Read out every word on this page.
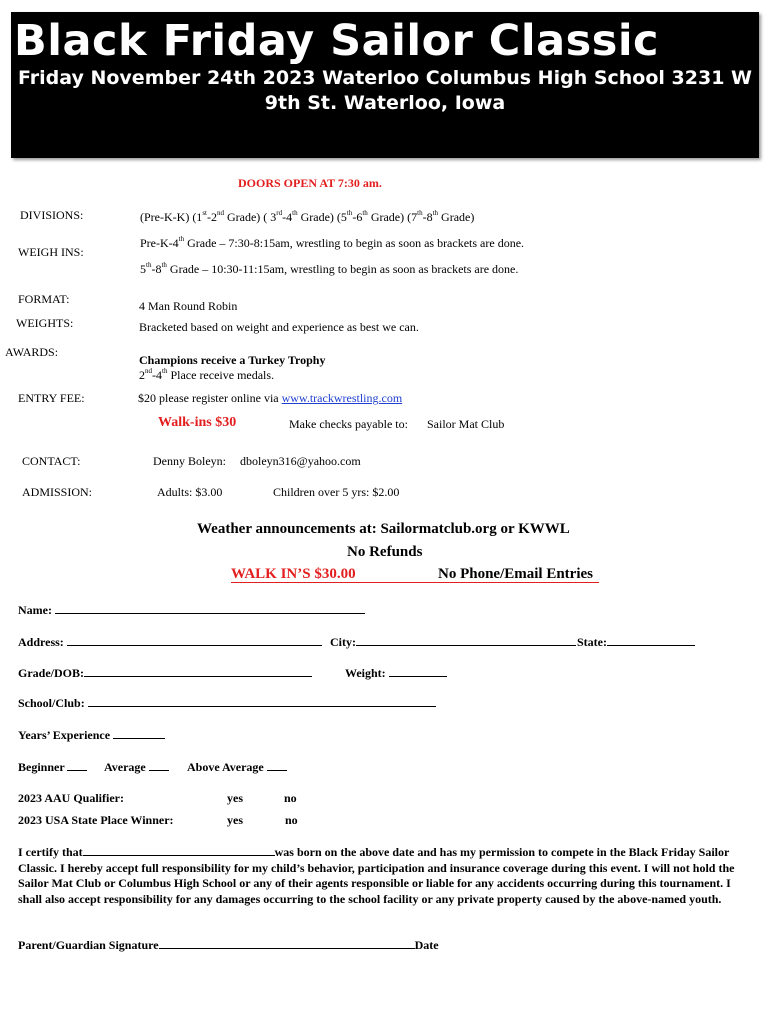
Black Friday Sailor Classic
Friday November 24th 2023 Waterloo Columbus High School 3231 W 9th St. Waterloo, Iowa
DOORS OPEN AT 7:30 am.
DIVISIONS:	(Pre-K-K) (1st-2nd Grade) ( 3rd-4th Grade) (5th-6th Grade) (7th-8th Grade)
WEIGH INS:
Pre-K-4th Grade – 7:30-8:15am, wrestling to begin as soon as brackets are done.
5th-8th Grade – 10:30-11:15am, wrestling to begin as soon as brackets are done.
FORMAT:	4 Man Round Robin
WEIGHTS:	Bracketed based on weight and experience as best we can.
AWARDS:
Champions receive a Turkey Trophy
2nd-4th Place receive medals.
ENTRY FEE:	$20 please register online via www.trackwrestling.com
Walk-ins $30	Make checks payable to: Sailor Mat Club
CONTACT:	Denny Boleyn: dboleyn316@yahoo.com
ADMISSION:	Adults: $3.00	Children over 5 yrs: $2.00
Weather announcements at: Sailormatclub.org or KWWL
No Refunds
WALK IN’S $30.00	No Phone/Email Entries
Name:
Address:	City:	State:
Grade/DOB:	Weight:
School/Club:
Years’ Experience
Beginner	Average	Above Average
2023 AAU Qualifier:	yes	no
2023 USA State Place Winner:	yes	no
I certify that	was born on the above date and has my permission to compete in the Black Friday Sailor Classic. I hereby accept full responsibility for my child’s behavior, participation and insurance coverage during this event. I will not hold the Sailor Mat Club or Columbus High School or any of their agents responsible or liable for any accidents occurring during this tournament. I shall also accept responsibility for any damages occurring to the school facility or any private property caused by the above-named youth.
Parent/Guardian Signature	Date
